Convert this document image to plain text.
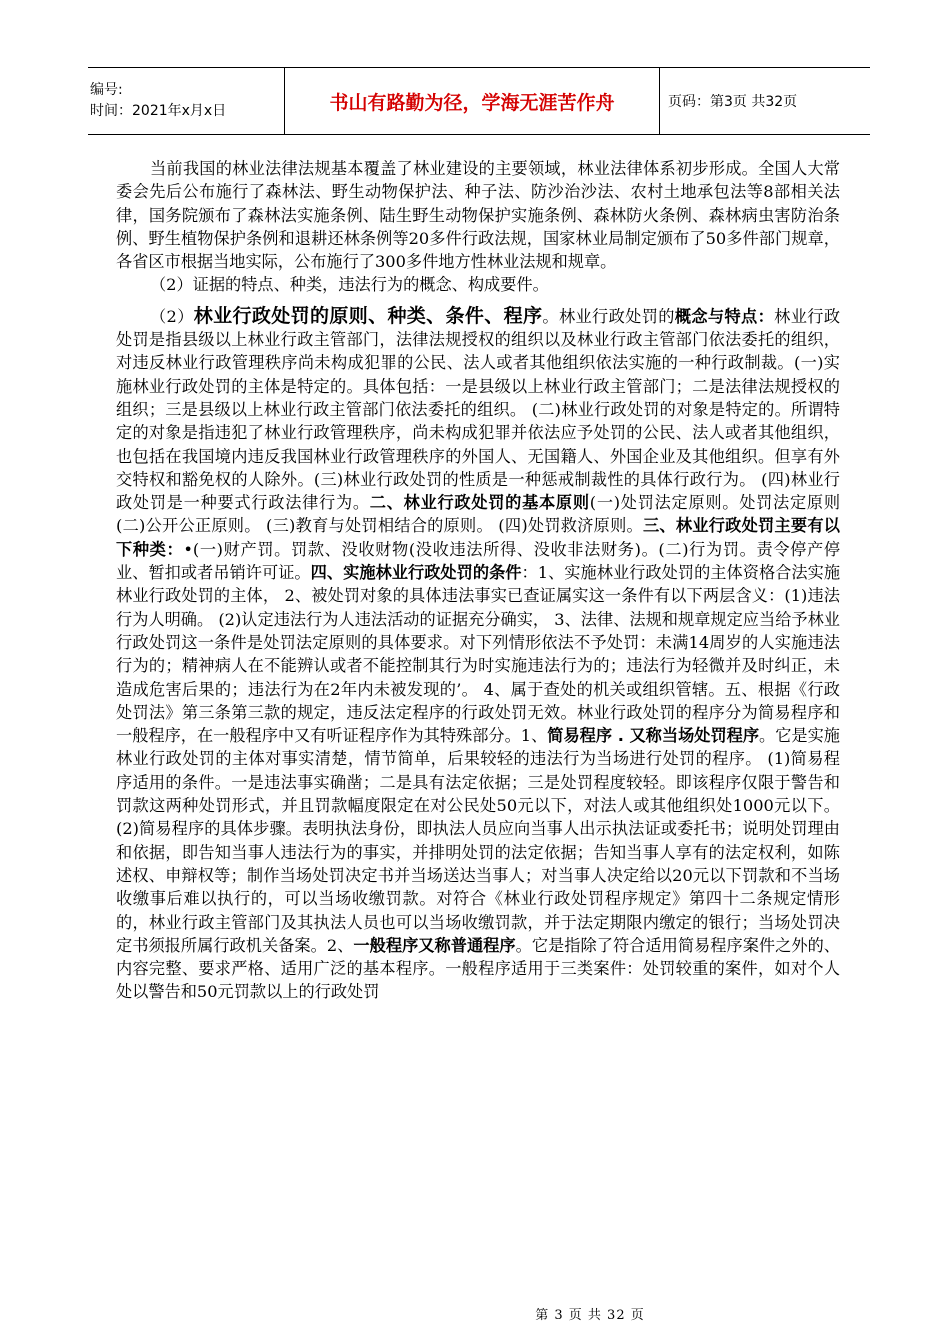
编号:
时间：2021年x月x日	书山有路勤为径，学海无涯苦作舟	页码：第3页 共32页

当前我国的林业法律法规基本覆盖了林业建设的主要领域，林业法律体系初步形成。全国人大常委会先后公布施行了森林法、野生动物保护法、种子法、防沙治沙法、农村土地承包法等8部相关法律，国务院颁布了森林法实施条例、陆生野生动物保护实施条例、森林防火条例、森林病虫害防治条例、野生植物保护条例和退耕还林条例等20多件行政法规，国家林业局制定颁布了50多件部门规章，各省区市根据当地实际，公布施行了300多件地方性林业法规和规章。

（2）证据的特点、种类，违法行为的概念、构成要件。

（2）林业行政处罚的原则、种类、条件、程序。林业行政处罚的概念与特点：林业行政处罚是指县级以上林业行政主管部门，法律法规授权的组织以及林业行政主管部门依法委托的组织，对违反林业行政管理秩序尚未构成犯罪的公民、法人或者其他组织依法实施的一种行政制裁。(一)实施林业行政处罚的主体是特定的。具体包括：一是县级以上林业行政主管部门；二是法律法规授权的组织；三是县级以上林业行政主管部门依法委托的组织。 (二)林业行政处罚的对象是特定的。所谓特定的对象是指违犯了林业行政管理秩序，尚未构成犯罪并依法应予处罚的公民、法人或者其他组织，也包括在我国境内违反我国林业行政管理秩序的外国人、无国籍人、外国企业及其他组织。但享有外交特权和豁免权的人除外。(三)林业行政处罚的性质是一种惩戒制裁性的具体行政行为。 (四)林业行政处罚是一种要式行政法律行为。二、林业行政处罚的基本原则(一)处罚法定原则。处罚法定原则 (二)公开公正原则。 (三)教育与处罚相结合的原则。 (四)处罚救济原则。三、林业行政处罚主要有以下种类：•(一)财产罚。罚款、没收财物(没收违法所得、没收非法财务)。(二)行为罚。责令停产停业、暂扣或者吊销许可证。四、实施林业行政处罚的条件：1、实施林业行政处罚的主体资格合法实施林业行政处罚的主体， 2、被处罚对象的具体违法事实已查证属实这一条件有以下两层含义：(1)违法行为人明确。 (2)认定违法行为人违法活动的证据充分确实， 3、法律、法规和规章规定应当给予林业行政处罚这一条件是处罚法定原则的具体要求。对下列情形依法不予处罚：未满14周岁的人实施违法行为的；精神病人在不能辨认或者不能控制其行为时实施违法行为的；违法行为轻微并及时纠正，未造成危害后果的；违法行为在2年内未被发现的’。 4、属于查处的机关或组织管辖。五、根据《行政处罚法》第三条第三款的规定，违反法定程序的行政处罚无效。林业行政处罚的程序分为简易程序和一般程序，在一般程序中又有听证程序作为其特殊部分。1、简易程序 . 又称当场处罚程序。它是实施林业行政处罚的主体对事实清楚，情节简单，后果较轻的违法行为当场进行处罚的程序。 (1)简易程序适用的条件。一是违法事实确凿；二是具有法定依据；三是处罚程度较轻。即该程序仅限于警告和罚款这两种处罚形式，并且罚款幅度限定在对公民处50元以下，对法人或其他组织处1000元以下。(2)简易程序的具体步骤。表明执法身份，即执法人员应向当事人出示执法证或委托书；说明处罚理由和依据，即告知当事人违法行为的事实，并排明处罚的法定依据；告知当事人享有的法定权利，如陈述权、申辩权等；制作当场处罚决定书并当场送达当事人；对当事人决定给以20元以下罚款和不当场收缴事后难以执行的，可以当场收缴罚款。对符合《林业行政处罚程序规定》第四十二条规定情形的，林业行政主管部门及其执法人员也可以当场收缴罚款，并于法定期限内缴定的银行；当场处罚决定书须报所属行政机关备案。2、一般程序又称普通程序。它是指除了符合适用简易程序案件之外的、内容完整、要求严格、适用广泛的基本程序。一般程序适用于三类案件：处罚较重的案件，如对个人处以警告和50元罚款以上的行政处罚

第 3 页 共 32 页
